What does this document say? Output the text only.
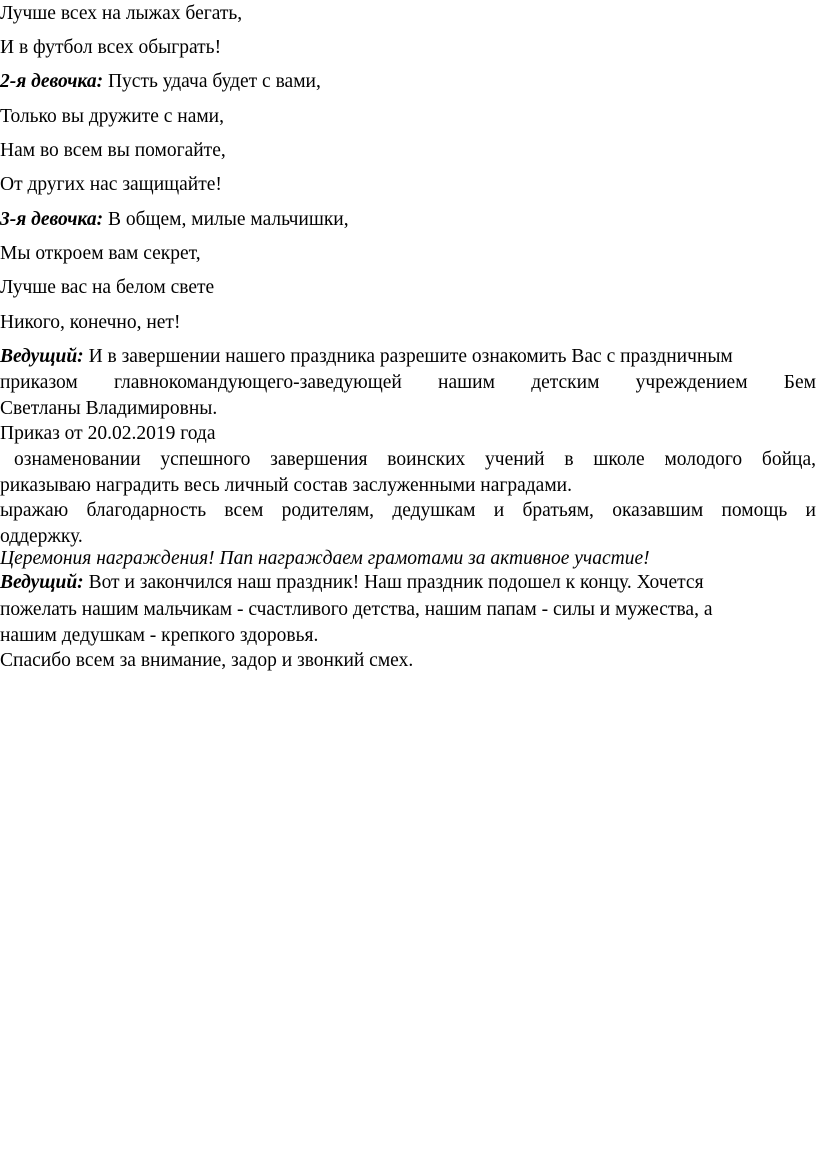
Лучше всех на лыжах бегать,
И в футбол всех обыграть!
2-я девочка: Пусть удача будет с вами,
Только вы дружите с нами,
Нам во всем вы помогайте,
От других нас защищайте!
3-я девочка: В общем, милые мальчишки,
Мы откроем вам секрет,
Лучше вас на белом свете
Никого, конечно, нет!
Ведущий: И в завершении нашего праздника разрешите ознакомить Вас с праздничным
приказом главнокомандующего-заведующей нашим детским учреждением Бем
Светланы Владимировны.
Приказ от 20.02.2019 года
ознаменовании успешного завершения воинских учений в школе молодого бойца,
риказываю наградить весь личный состав заслуженными наградами.
ыражаю благодарность всем родителям, дедушкам и братьям, оказавшим помощь и
оддержку.
Церемония награждения! Пап награждаем грамотами за активное участие!
Ведущий: Вот и закончился наш праздник! Наш праздник подошел к концу. Хочется
пожелать нашим мальчикам - счастливого детства, нашим папам - силы и мужества, а
нашим дедушкам - крепкого здоровья.
Спасибо всем за внимание, задор и звонкий смех.
